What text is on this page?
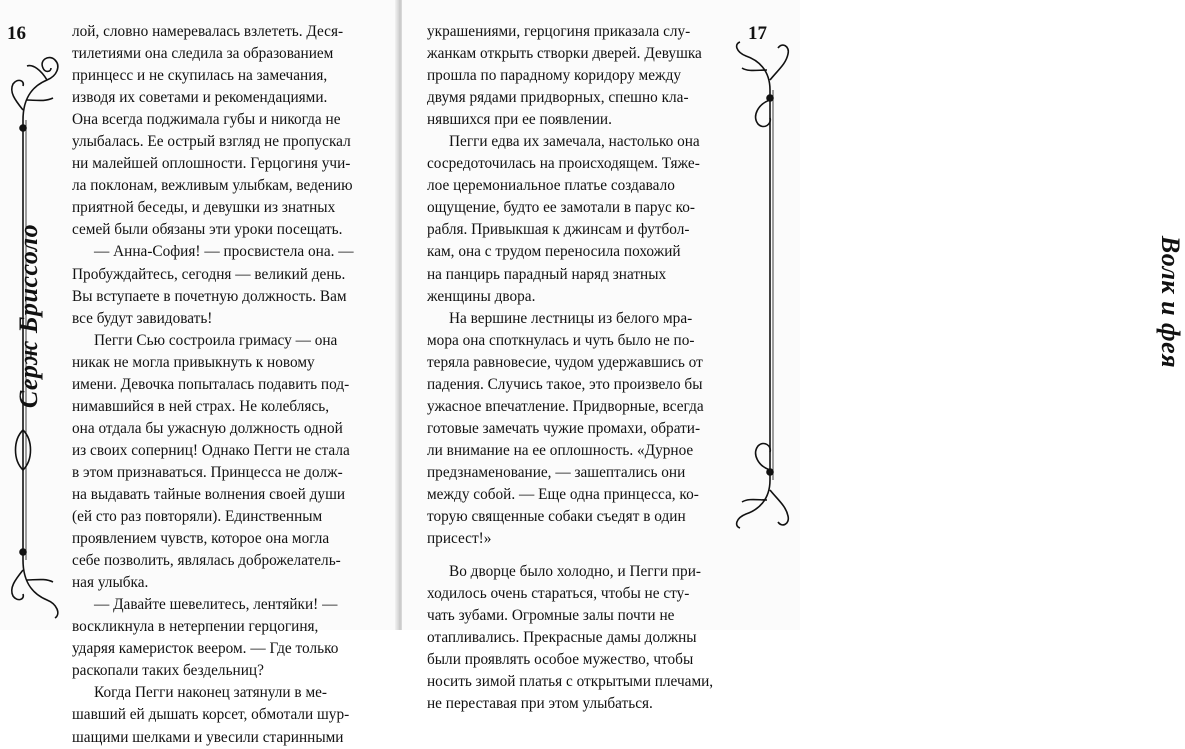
16
Серж Бриссоло
лой, словно намеревалась взлететь. Деся-
тилетиями она следила за образованием
принцесс и не скупилась на замечания,
изводя их советами и рекомендациями.
Она всегда поджимала губы и никогда не
улыбалась. Ее острый взгляд не пропускал
ни малейшей оплошности. Герцогиня учи-
ла поклонам, вежливым улыбкам, ведению
приятной беседы, и девушки из знатных
семей были обязаны эти уроки посещать.
— Анна-София! — просвистела она. —
Пробуждайтесь, сегодня — великий день.
Вы вступаете в почетную должность. Вам
все будут завидовать!
Пегги Сью состроила гримасу — она
никак не могла привыкнуть к новому
имени. Девочка попыталась подавить под-
нимавшийся в ней страх. Не колеблясь,
она отдала бы ужасную должность одной
из своих соперниц! Однако Пегги не стала
в этом признаваться. Принцесса не долж-
на выдавать тайные волнения своей души
(ей сто раз повторяли). Единственным
проявлением чувств, которое она могла
себе позволить, являлась доброжелатель-
ная улыбка.
— Давайте шевелитесь, лентяйки! —
воскликнула в нетерпении герцогиня,
ударяя камеристок веером. — Где только
раскопали таких бездельниц?
Когда Пегги наконец затянули в ме-
шавший ей дышать корсет, обмотали шур-
шащими шелками и увесили старинными
17
украшениями, герцогиня приказала слу-
жанкам открыть створки дверей. Девушка
прошла по парадному коридору между
двумя рядами придворных, спешно кла-
нявшихся при ее появлении.
Пегги едва их замечала, настолько она
сосредоточилась на происходящем. Тяже-
лое церемониальное платье создавало
ощущение, будто ее замотали в парус ко-
рабля. Привыкшая к джинсам и футбол-
кам, она с трудом переносила похожий
на панцирь парадный наряд знатных
женщины двора.
На вершине лестницы из белого мра-
мора она споткнулась и чуть было не по-
теряла равновесие, чудом удержавшись от
падения. Случись такое, это произвело бы
ужасное впечатление. Придворные, всегда
готовые замечать чужие промахи, обрати-
ли внимание на ее оплошность. «Дурное
предзнаменование, — зашептались они
между собой. — Еще одна принцесса, ко-
торую священные собаки съедят в один
присест!»
Во дворце было холодно, и Пегги при-
ходилось очень стараться, чтобы не сту-
чать зубами. Огромные залы почти не
отапливались. Прекрасные дамы должны
были проявлять особое мужество, чтобы
носить зимой платья с открытыми плечами,
не переставая при этом улыбаться.
Волк и фея
